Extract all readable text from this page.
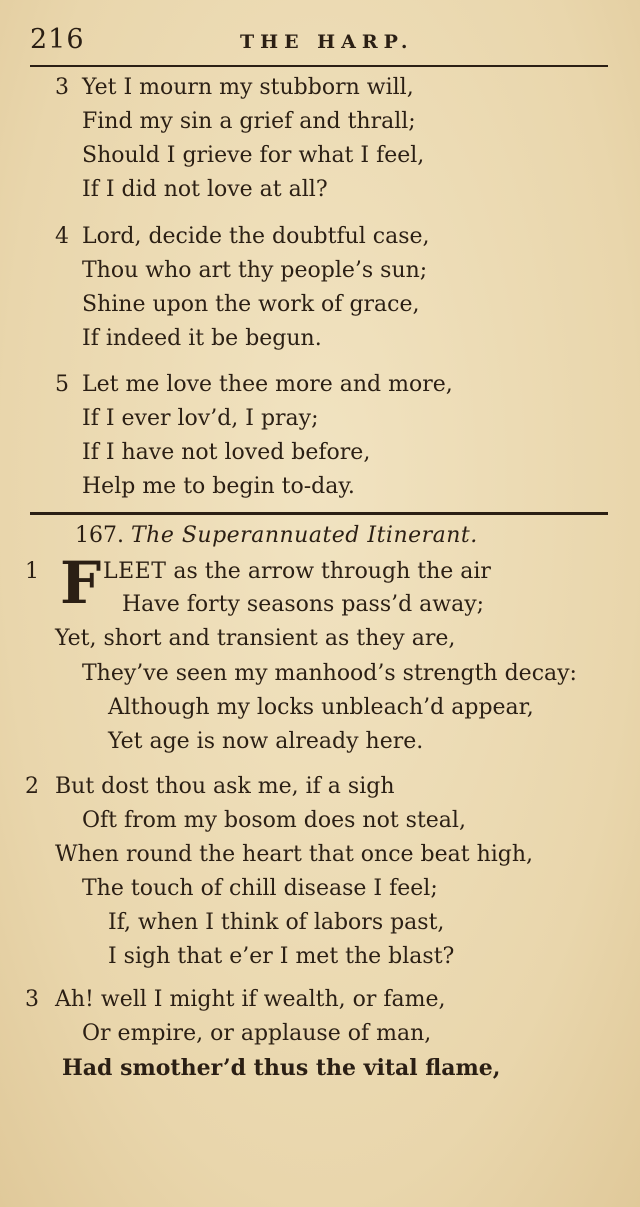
216	THE HARP.
3 Yet I mourn my stubborn will,
Find my sin a grief and thrall;
Should I grieve for what I feel,
If I did not love at all?
4 Lord, decide the doubtful case,
Thou who art thy people’s sun;
Shine upon the work of grace,
If indeed it be begun.
5 Let me love thee more and more,
If I ever lov’d, I pray;
If I have not loved before,
Help me to begin to-day.
167. The Superannuated Itinerant.
1 F LEET as the arrow through the air
Have forty seasons pass’d away;
Yet, short and transient as they are,
They’ve seen my manhood’s strength decay:
Although my locks unbleach’d appear,
Yet age is now already here.
2 But dost thou ask me, if a sigh
Oft from my bosom does not steal,
When round the heart that once beat high,
The touch of chill disease I feel;
If, when I think of labors past,
I sigh that e’er I met the blast?
3 Ah! well I might if wealth, or fame,
Or empire, or applause of man,
Had smother’d thus the vital flame,
